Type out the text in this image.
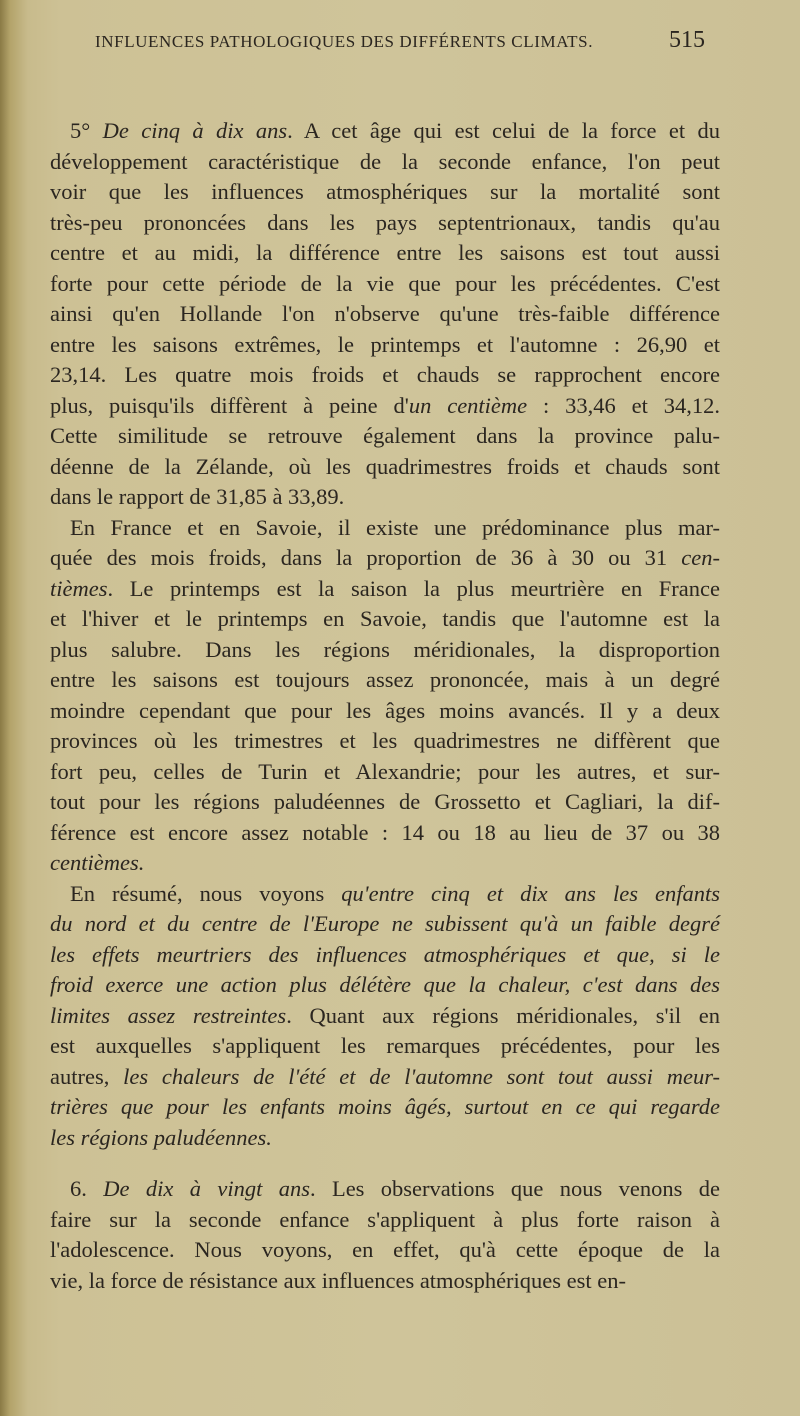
INFLUENCES PATHOLOGIQUES DES DIFFÉRENTS CLIMATS.	515
5° De cinq à dix ans. A cet âge qui est celui de la force et du
développement caractéristique de la seconde enfance, l'on peut
voir que les influences atmosphériques sur la mortalité sont
très-peu prononcées dans les pays septentrionaux, tandis qu'au
centre et au midi, la différence entre les saisons est tout aussi
forte pour cette période de la vie que pour les précédentes. C'est
ainsi qu'en Hollande l'on n'observe qu'une très-faible différence
entre les saisons extrêmes, le printemps et l'automne : 26,90 et
23,14. Les quatre mois froids et chauds se rapprochent encore
plus, puisqu'ils diffèrent à peine d'un centième : 33,46 et 34,12.
Cette similitude se retrouve également dans la province palu-
déenne de la Zélande, où les quadrimestres froids et chauds sont
dans le rapport de 31,85 à 33,89.
En France et en Savoie, il existe une prédominance plus mar-
quée des mois froids, dans la proportion de 36 à 30 ou 31 cen-
tièmes. Le printemps est la saison la plus meurtrière en France
et l'hiver et le printemps en Savoie, tandis que l'automne est la
plus salubre. Dans les régions méridionales, la disproportion
entre les saisons est toujours assez prononcée, mais à un degré
moindre cependant que pour les âges moins avancés. Il y a deux
provinces où les trimestres et les quadrimestres ne diffèrent que
fort peu, celles de Turin et Alexandrie; pour les autres, et sur-
tout pour les régions paludéennes de Grossetto et Cagliari, la dif-
férence est encore assez notable : 14 ou 18 au lieu de 37 ou 38
centièmes.
En résumé, nous voyons qu'entre cinq et dix ans les enfants
du nord et du centre de l'Europe ne subissent qu'à un faible degré
les effets meurtriers des influences atmosphériques et que, si le
froid exerce une action plus délétère que la chaleur, c'est dans des
limites assez restreintes. Quant aux régions méridionales, s'il en
est auxquelles s'appliquent les remarques précédentes, pour les
autres, les chaleurs de l'été et de l'automne sont tout aussi meur-
trières que pour les enfants moins âgés, surtout en ce qui regarde
les régions paludéennes.
6. De dix à vingt ans. Les observations que nous venons de
faire sur la seconde enfance s'appliquent à plus forte raison à
l'adolescence. Nous voyons, en effet, qu'à cette époque de la
vie, la force de résistance aux influences atmosphériques est en-
